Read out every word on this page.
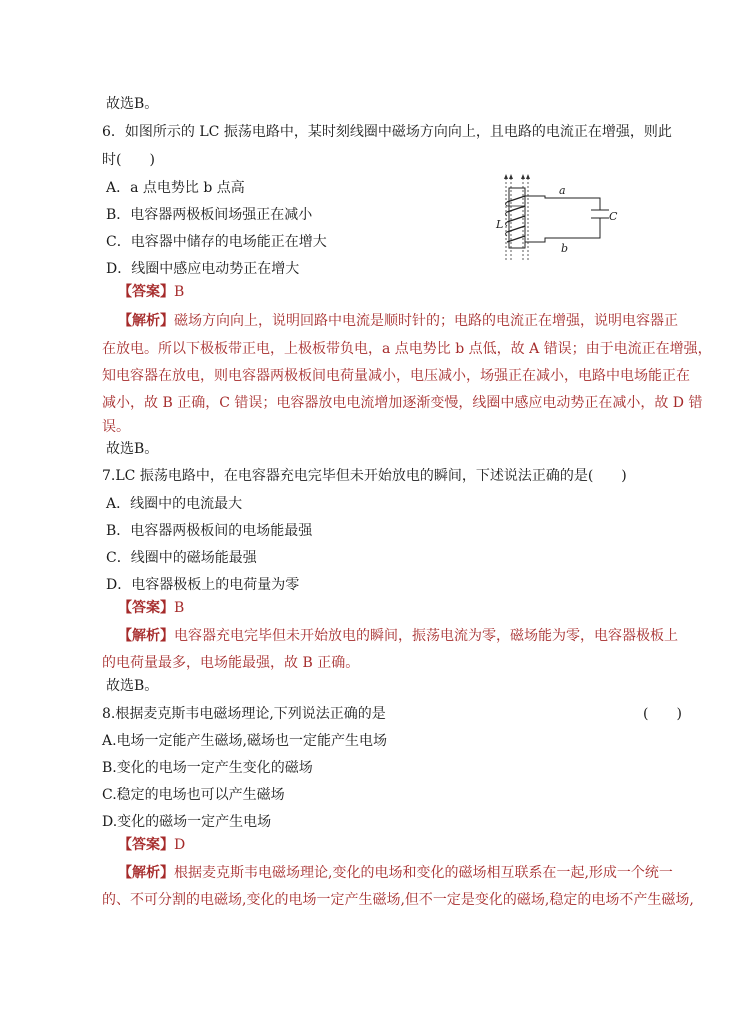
故选B。
6．如图所示的 LC 振荡电路中，某时刻线圈中磁场方向向上，且电路的电流正在增强，则此
时(　　)
A．a 点电势比 b 点高
B．电容器两极板间场强正在减小
C．电容器中储存的电场能正在增大
D．线圈中感应电动势正在增大
【答案】B
【解析】磁场方向向上，说明回路中电流是顺时针的；电路的电流正在增强，说明电容器正
在放电。所以下极板带正电，上极板带负电，a 点电势比 b 点低，故 A 错误；由于电流正在增强，
知电容器在放电，则电容器两极板间电荷量减小，电压减小，场强正在减小，电路中电场能正在
减小，故 B 正确，C 错误；电容器放电电流增加逐渐变慢，线圈中感应电动势正在减小，故 D 错
误。
故选B。
a
b
C
L
7.LC 振荡电路中，在电容器充电完毕但未开始放电的瞬间，下述说法正确的是(　　)
A．线圈中的电流最大
B．电容器两极板间的电场能最强
C．线圈中的磁场能最强
D．电容器极板上的电荷量为零
【答案】B
【解析】电容器充电完毕但未开始放电的瞬间，振荡电流为零，磁场能为零，电容器极板上
的电荷量最多，电场能最强，故 B 正确。
故选B。
8.根据麦克斯韦电磁场理论,下列说法正确的是	(　　)
A.电场一定能产生磁场,磁场也一定能产生电场
B.变化的电场一定产生变化的磁场
C.稳定的电场也可以产生磁场
D.变化的磁场一定产生电场
【答案】D
【解析】根据麦克斯韦电磁场理论,变化的电场和变化的磁场相互联系在一起,形成一个统一
的、不可分割的电磁场,变化的电场一定产生磁场,但不一定是变化的磁场,稳定的电场不产生磁场,
